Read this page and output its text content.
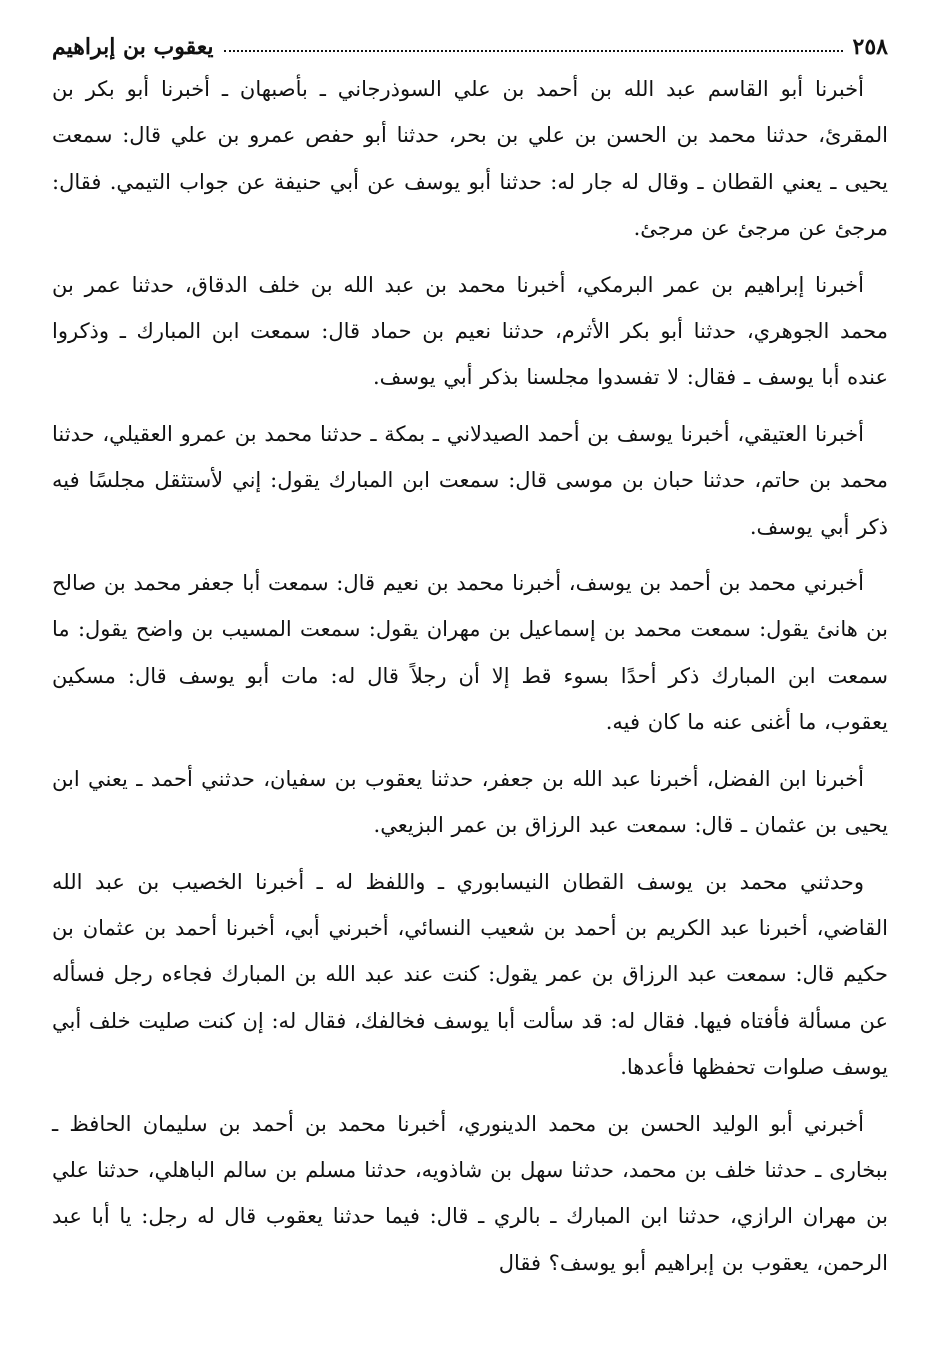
٢٥٨
يعقوب بن إبراهيم

أخبرنا أبو القاسم عبد الله بن أحمد بن علي السوذرجاني ـ بأصبهان ـ أخبرنا أبو بكر بن المقرئ، حدثنا محمد بن الحسن بن علي بن بحر، حدثنا أبو حفص عمرو بن علي قال: سمعت يحيى ـ يعني القطان ـ وقال له جار له: حدثنا أبو يوسف عن أبي حنيفة عن جواب التيمي. فقال: مرجئ عن مرجئ عن مرجئ.

أخبرنا إبراهيم بن عمر البرمكي، أخبرنا محمد بن عبد الله بن خلف الدقاق، حدثنا عمر بن محمد الجوهري، حدثنا أبو بكر الأثرم، حدثنا نعيم بن حماد قال: سمعت ابن المبارك ـ وذكروا عنده أبا يوسف ـ فقال: لا تفسدوا مجلسنا بذكر أبي يوسف.

أخبرنا العتيقي، أخبرنا يوسف بن أحمد الصيدلاني ـ بمكة ـ حدثنا محمد بن عمرو العقيلي، حدثنا محمد بن حاتم، حدثنا حبان بن موسى قال: سمعت ابن المبارك يقول: إني لأستثقل مجلسًا فيه ذكر أبي يوسف.

أخبرني محمد بن أحمد بن يوسف، أخبرنا محمد بن نعيم قال: سمعت أبا جعفر محمد بن صالح بن هانئ يقول: سمعت محمد بن إسماعيل بن مهران يقول: سمعت المسيب بن واضح يقول: ما سمعت ابن المبارك ذكر أحدًا بسوء قط إلا أن رجلاً قال له: مات أبو يوسف قال: مسكين يعقوب، ما أغنى عنه ما كان فيه.

أخبرنا ابن الفضل، أخبرنا عبد الله بن جعفر، حدثنا يعقوب بن سفيان، حدثني أحمد ـ يعني ابن يحيى بن عثمان ـ قال: سمعت عبد الرزاق بن عمر البزيعي.

وحدثني محمد بن يوسف القطان النيسابوري ـ واللفظ له ـ أخبرنا الخصيب بن عبد الله القاضي، أخبرنا عبد الكريم بن أحمد بن شعيب النسائي، أخبرني أبي، أخبرنا أحمد بن عثمان بن حكيم قال: سمعت عبد الرزاق بن عمر يقول: كنت عند عبد الله بن المبارك فجاءه رجل فسأله عن مسألة فأفتاه فيها. فقال له: قد سألت أبا يوسف فخالفك، فقال له: إن كنت صليت خلف أبي يوسف صلوات تحفظها فأعدها.

أخبرني أبو الوليد الحسن بن محمد الدينوري، أخبرنا محمد بن أحمد بن سليمان الحافظ ـ ببخارى ـ حدثنا خلف بن محمد، حدثنا سهل بن شاذويه، حدثنا مسلم بن سالم الباهلي، حدثنا علي بن مهران الرازي، حدثنا ابن المبارك ـ بالري ـ قال: فيما حدثنا يعقوب قال له رجل: يا أبا عبد الرحمن، يعقوب بن إبراهيم أبو يوسف؟ فقال
